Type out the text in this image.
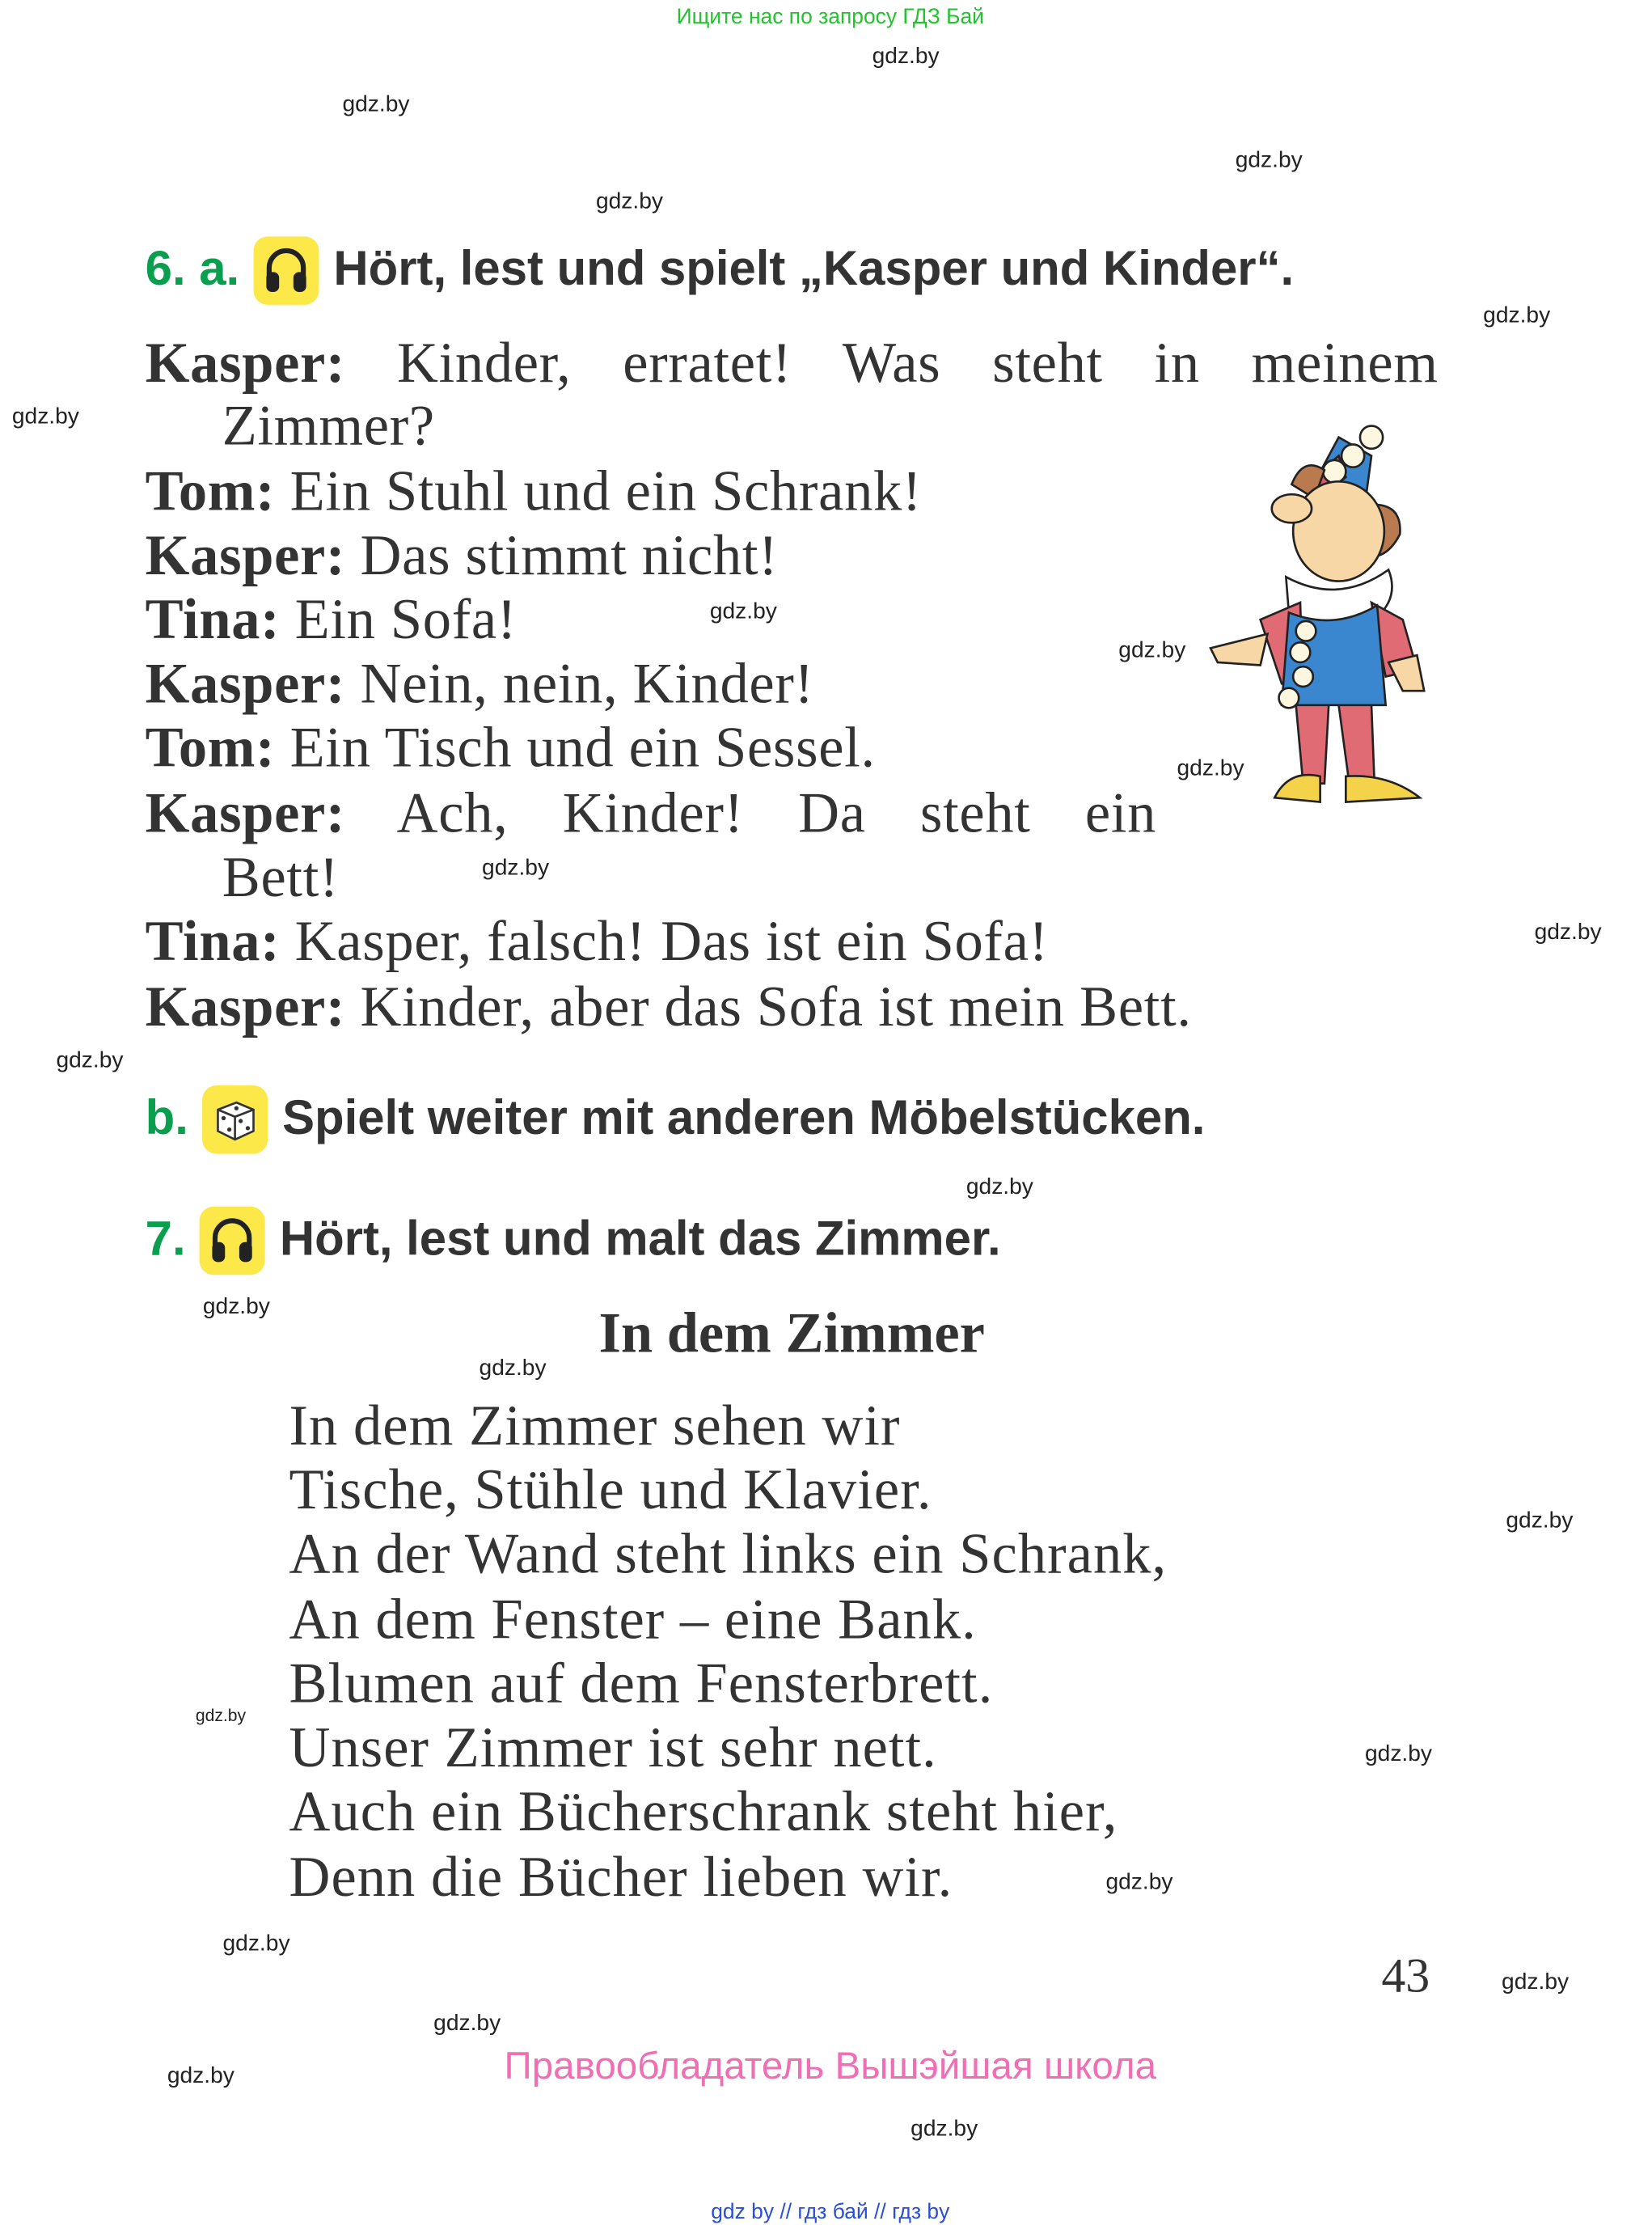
Ищите нас по запросу ГДЗ Бай
gdz.by
gdz.by
gdz.by
gdz.by
gdz.by
gdz.by
gdz.by
gdz.by
gdz.by
gdz.by
gdz.by
gdz.by
gdz.by
gdz.by
gdz.by
gdz.by
gdz.by
gdz.by
gdz.by
gdz.by
gdz.by
gdz.by
gdz.by
gdz.by
6. a.	Hört, lest und spielt „Kasper und Kinder“.
Kasper: Kinder, erratet! Was steht in meinem
Zimmer?
Tom: Ein Stuhl und ein Schrank!
Kasper: Das stimmt nicht!
Tina: Ein Sofa!
Kasper: Nein, nein, Kinder!
Tom: Ein Tisch und ein Sessel.
Kasper: Ach, Kinder! Da steht ein
Bett!
Tina: Kasper, falsch! Das ist ein Sofa!
Kasper: Kinder, aber das Sofa ist mein Bett.
b.	Spielt weiter mit anderen Möbelstücken.
7.	Hört, lest und malt das Zimmer.
In dem Zimmer
In dem Zimmer sehen wir
Tische, Stühle und Klavier.
An der Wand steht links ein Schrank,
An dem Fenster – eine Bank.
Blumen auf dem Fensterbrett.
Unser Zimmer ist sehr nett.
Auch ein Bücherschrank steht hier,
Denn die Bücher lieben wir.
43
Правообладатель Вышэйшая школа
gdz by // гдз бай // гдз by
